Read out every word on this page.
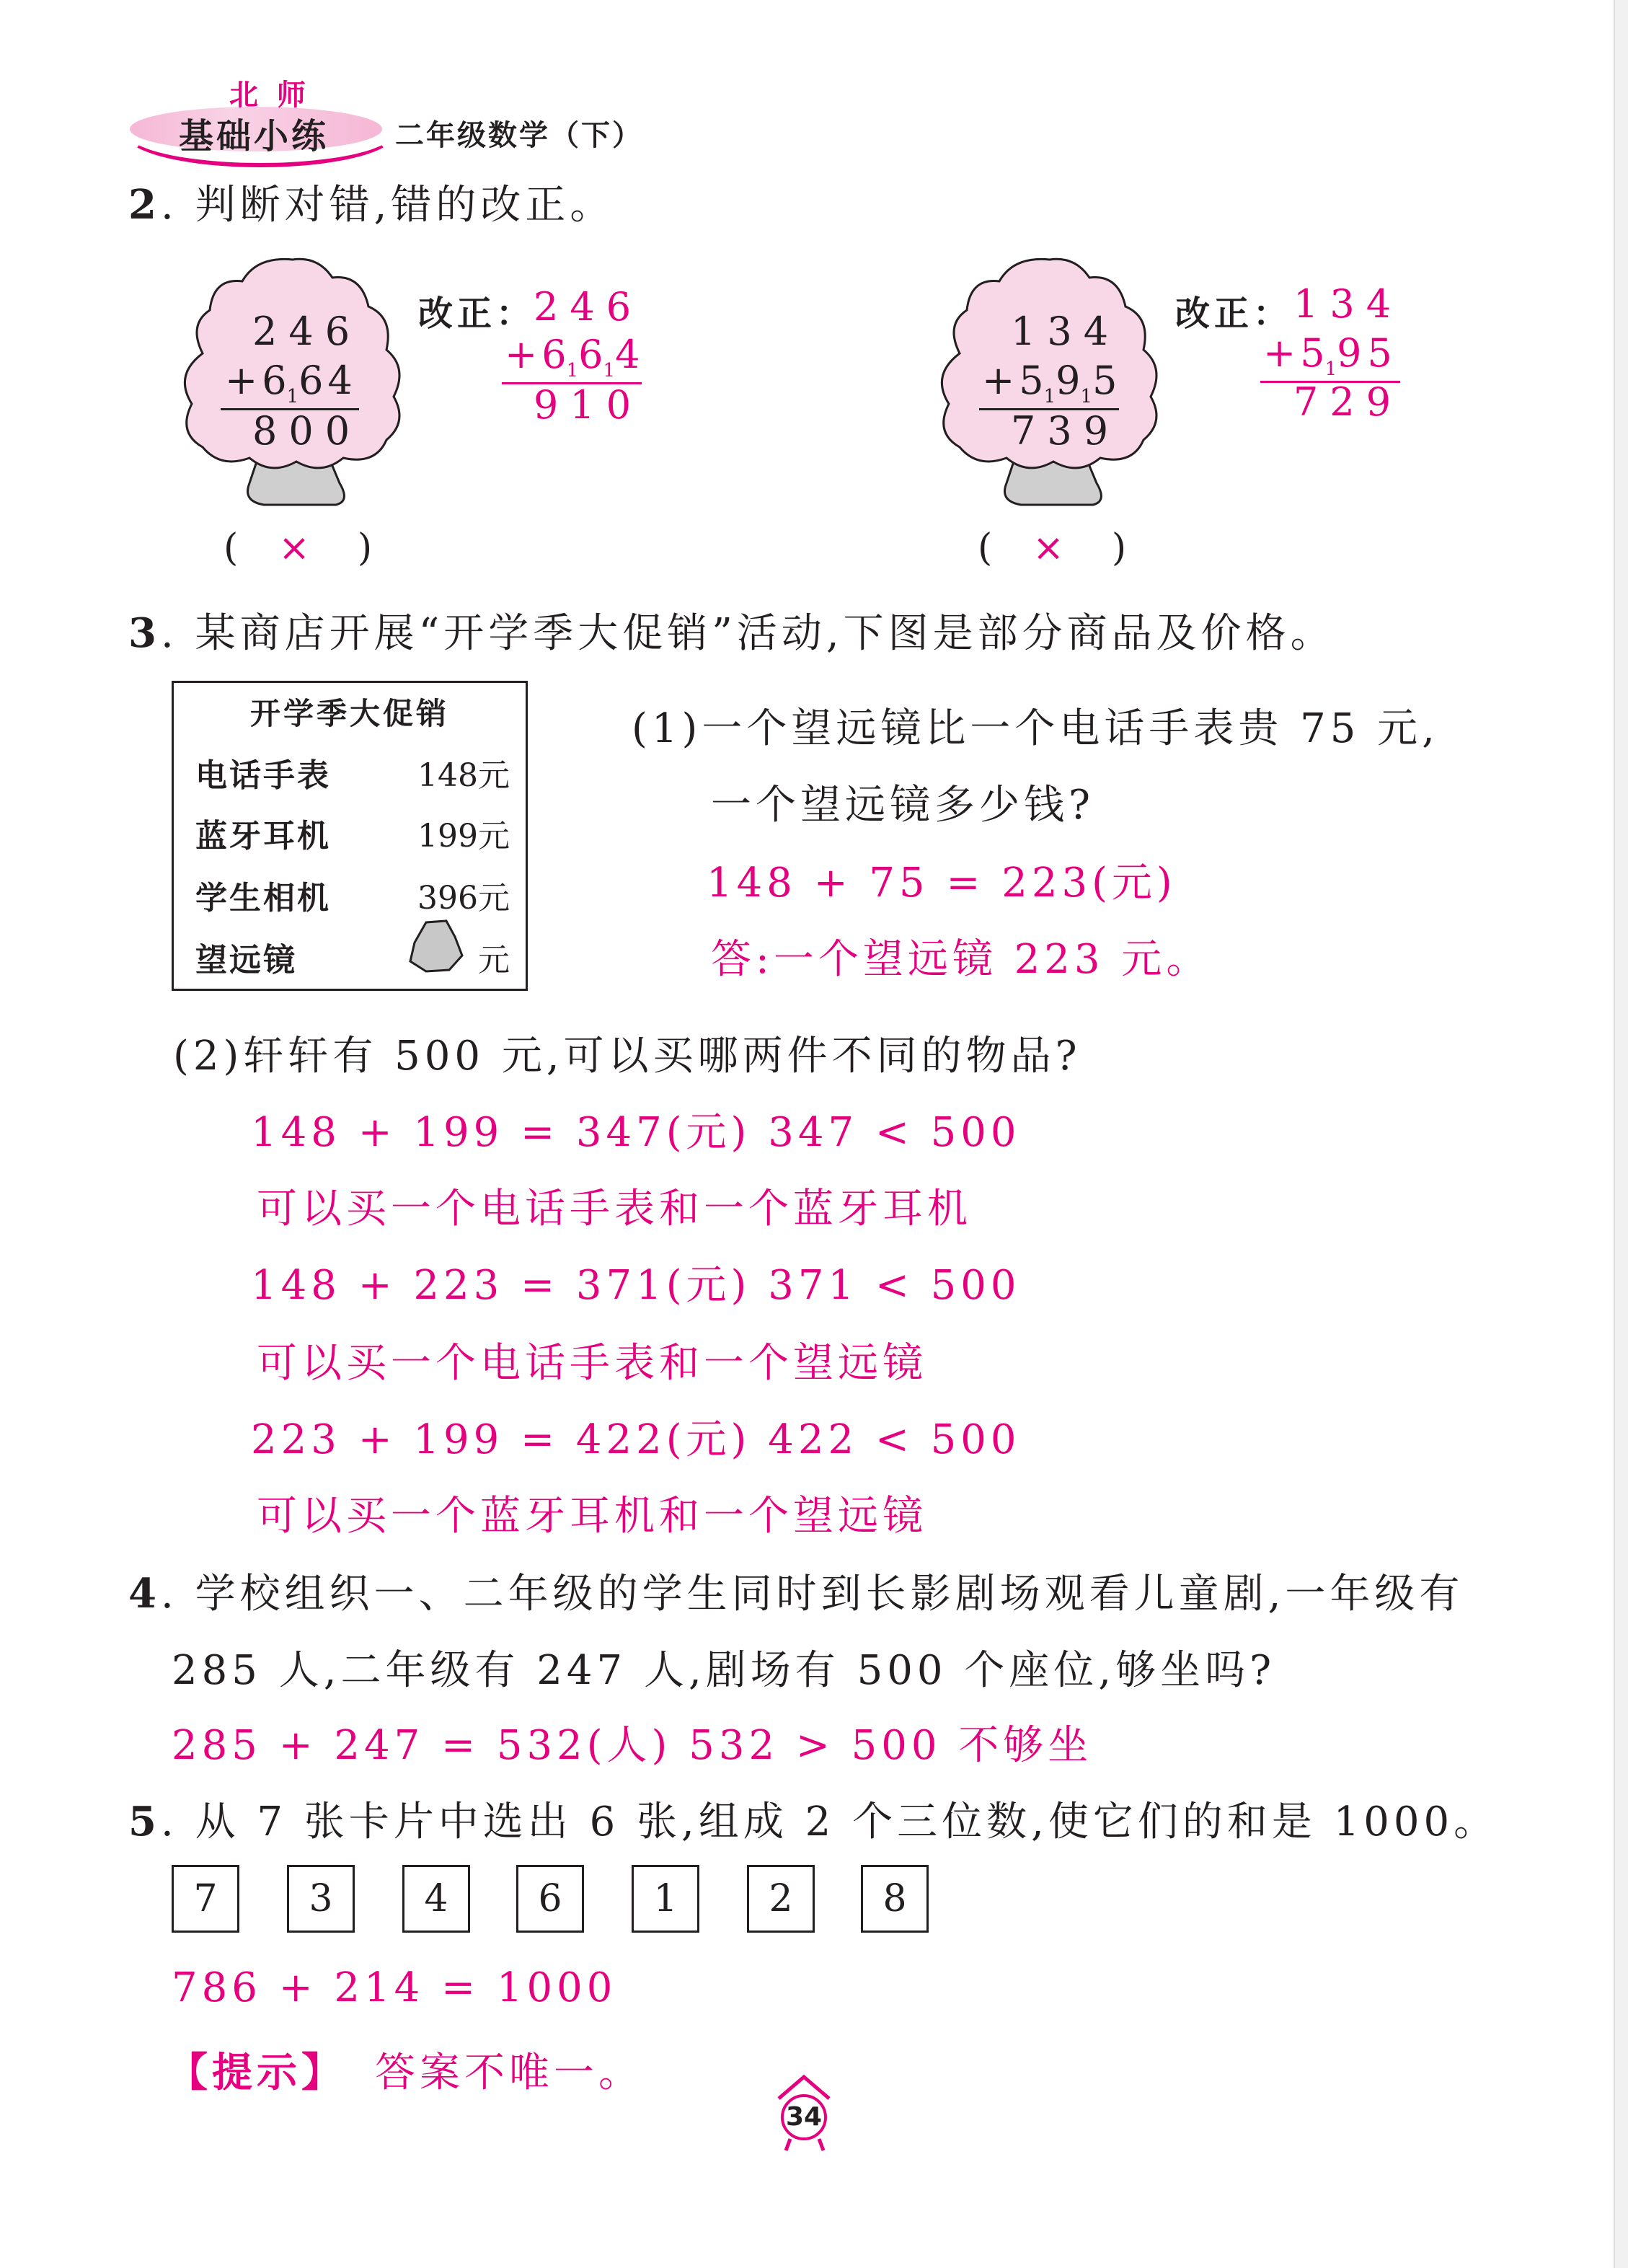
北 师
基础小练 二年级数学（下）
2. 判断对错,错的改正。
246
+ $6_16$ 4
800
( × )
改正：
246
+ $6_16_14$
910
134
+ $5_19_15$
739
( × )
改正： 134
+ $5_19$ 5
729
3. 某商店开展“开学季大促销”活动,下图是部分商品及价格。
开学季大促销
电话手表	148元
蓝牙耳机	199元
学生相机	396元
望远镜	元
(1)一个望远镜比一个电话手表贵 75 元,
一个望远镜多少钱?
148 + 75 = 223(元)
答:一个望远镜 223 元。
(2)轩轩有 500 元,可以买哪两件不同的物品?
148 + 199 = 347(元) 347 < 500
可以买一个电话手表和一个蓝牙耳机
148 + 223 = 371(元) 371 < 500
可以买一个电话手表和一个望远镜
223 + 199 = 422(元) 422 < 500
可以买一个蓝牙耳机和一个望远镜
4. 学校组织一、二年级的学生同时到长影剧场观看儿童剧,一年级有
285 人,二年级有 247 人,剧场有 500 个座位,够坐吗?
285 + 247 = 532(人) 532 > 500 不够坐
5. 从 7 张卡片中选出 6 张,组成 2 个三位数,使它们的和是 1000。
7	3	4	6	1	2	8
786 + 214 = 1000
【提示】 答案不唯一。
34
